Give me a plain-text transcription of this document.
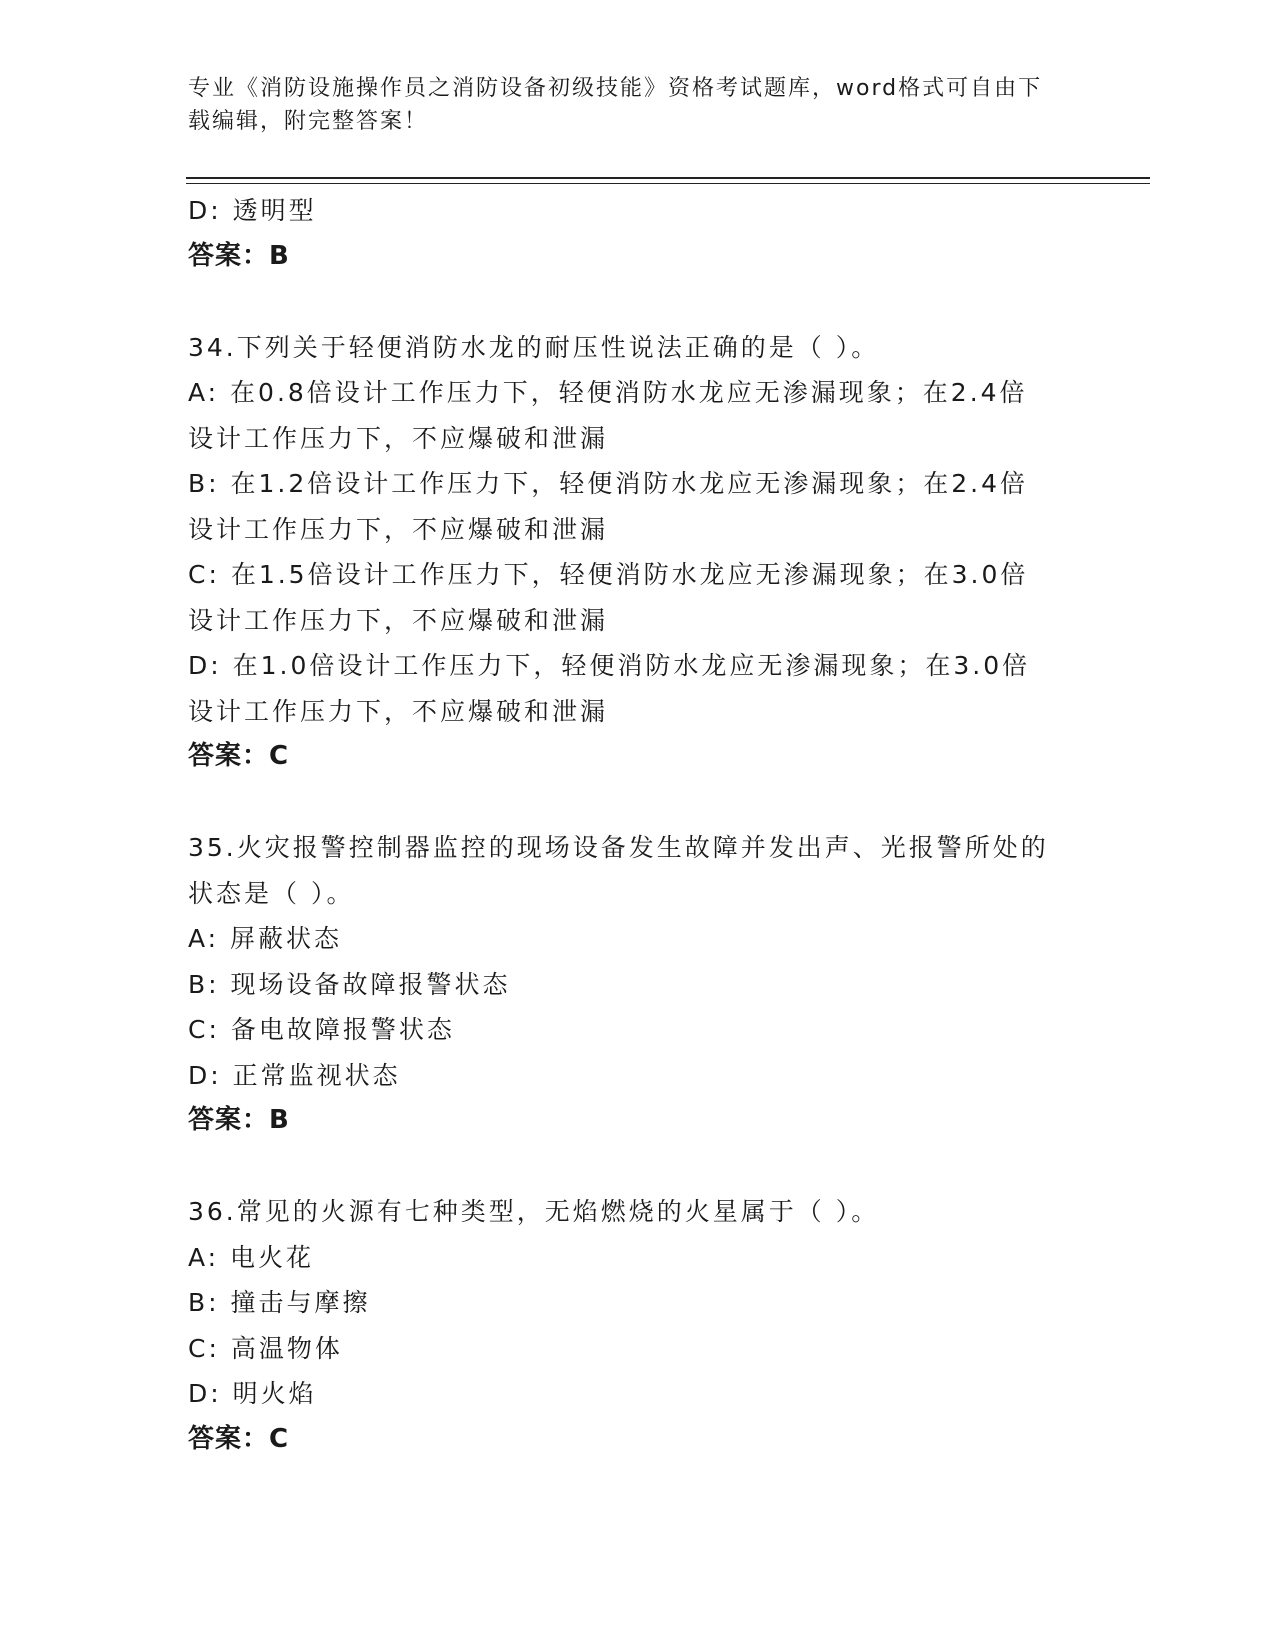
专业《消防设施操作员之消防设备初级技能》资格考试题库，word格式可自由下
载编辑，附完整答案！
D: 透明型
答案：B
34.下列关于轻便消防水龙的耐压性说法正确的是（ ）。
A: 在0.8倍设计工作压力下，轻便消防水龙应无渗漏现象；在2.4倍
设计工作压力下，不应爆破和泄漏
B: 在1.2倍设计工作压力下，轻便消防水龙应无渗漏现象；在2.4倍
设计工作压力下，不应爆破和泄漏
C: 在1.5倍设计工作压力下，轻便消防水龙应无渗漏现象；在3.0倍
设计工作压力下，不应爆破和泄漏
D: 在1.0倍设计工作压力下，轻便消防水龙应无渗漏现象；在3.0倍
设计工作压力下，不应爆破和泄漏
答案：C
35.火灾报警控制器监控的现场设备发生故障并发出声、光报警所处的
状态是（ ）。
A: 屏蔽状态
B: 现场设备故障报警状态
C: 备电故障报警状态
D: 正常监视状态
答案：B
36.常见的火源有七种类型，无焰燃烧的火星属于（ ）。
A: 电火花
B: 撞击与摩擦
C: 高温物体
D: 明火焰
答案：C
